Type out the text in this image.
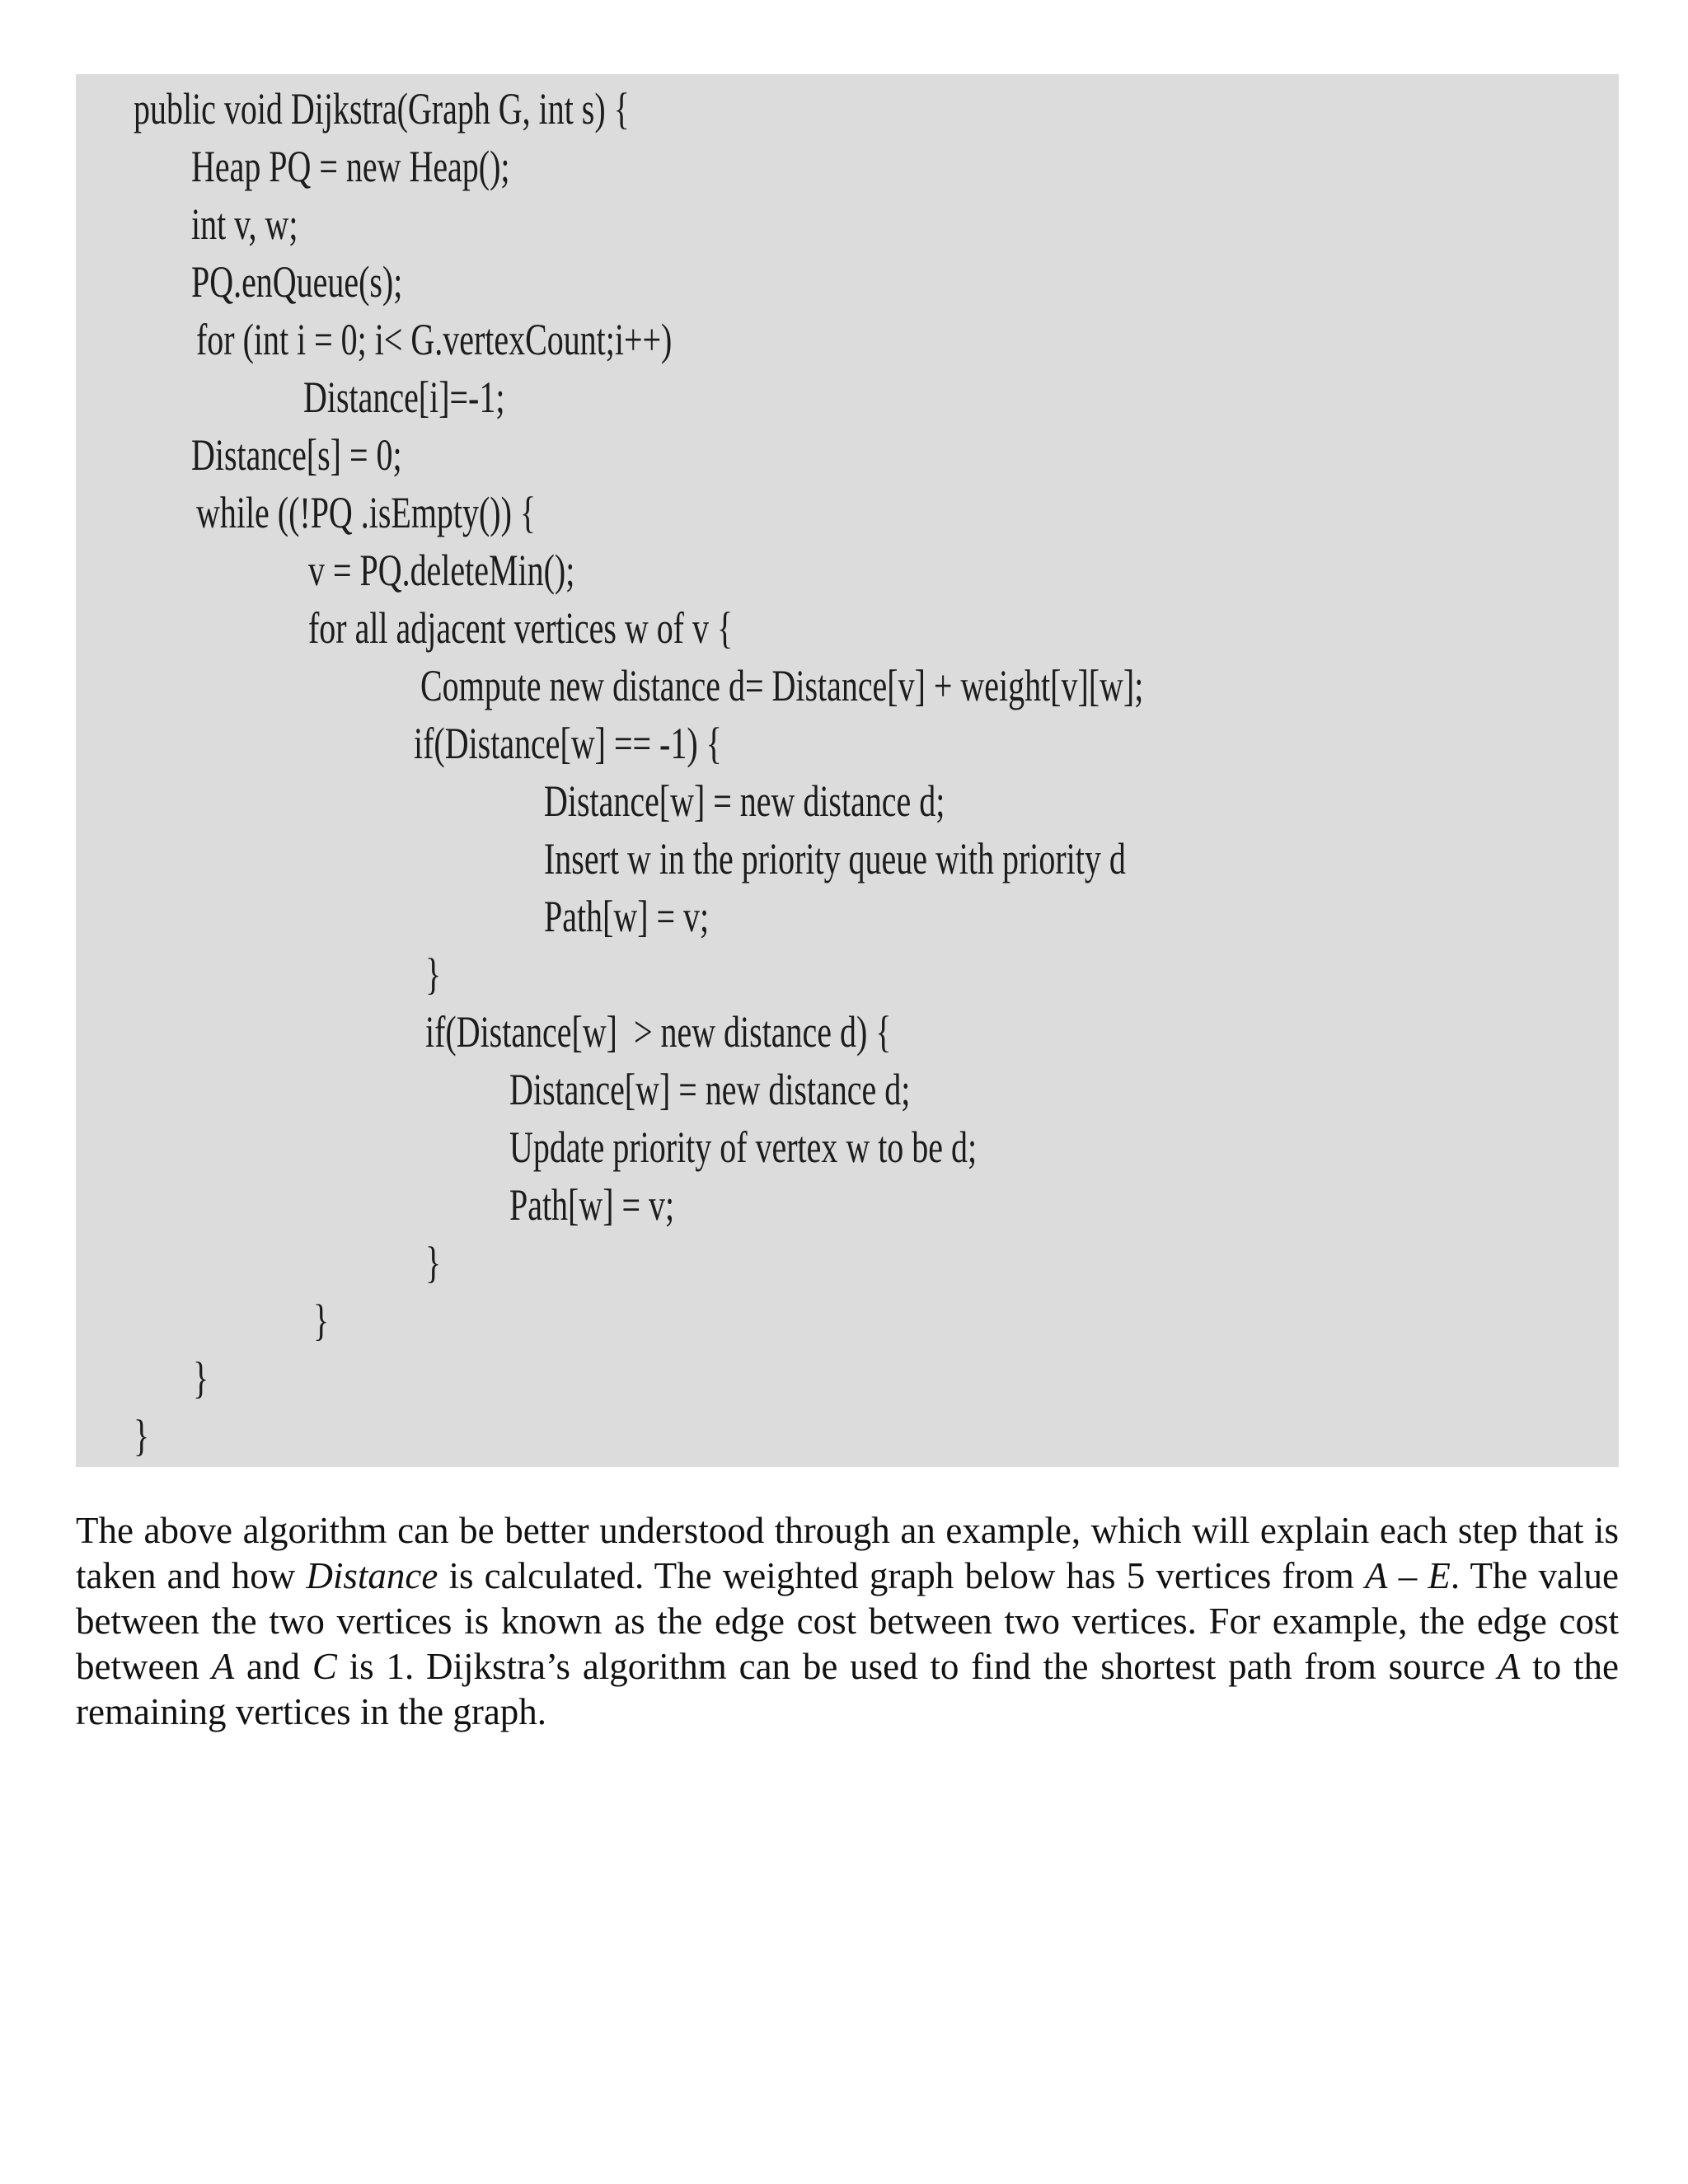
public void Dijkstra(Graph G, int s) {
Heap PQ = new Heap();
int v, w;
PQ.enQueue(s);
for (int i = 0; i< G.vertexCount;i++)
Distance[i]=-1;
Distance[s] = 0;
while ((!PQ .isEmpty()) {
v = PQ.deleteMin();
for all adjacent vertices w of v {
Compute new distance d= Distance[v] + weight[v][w];
if(Distance[w] == -1) {
Distance[w] = new distance d;
Insert w in the priority queue with priority d
Path[w] = v;
}
if(Distance[w]  > new distance d) {
Distance[w] = new distance d;
Update priority of vertex w to be d;
Path[w] = v;
}
}
}
}

The above algorithm can be better understood through an example, which will explain each step that is taken and how Distance is calculated. The weighted graph below has 5 vertices from A – E. The value between the two vertices is known as the edge cost between two vertices. For example, the edge cost between A and C is 1. Dijkstra’s algorithm can be used to find the shortest path from source A to the remaining vertices in the graph.
